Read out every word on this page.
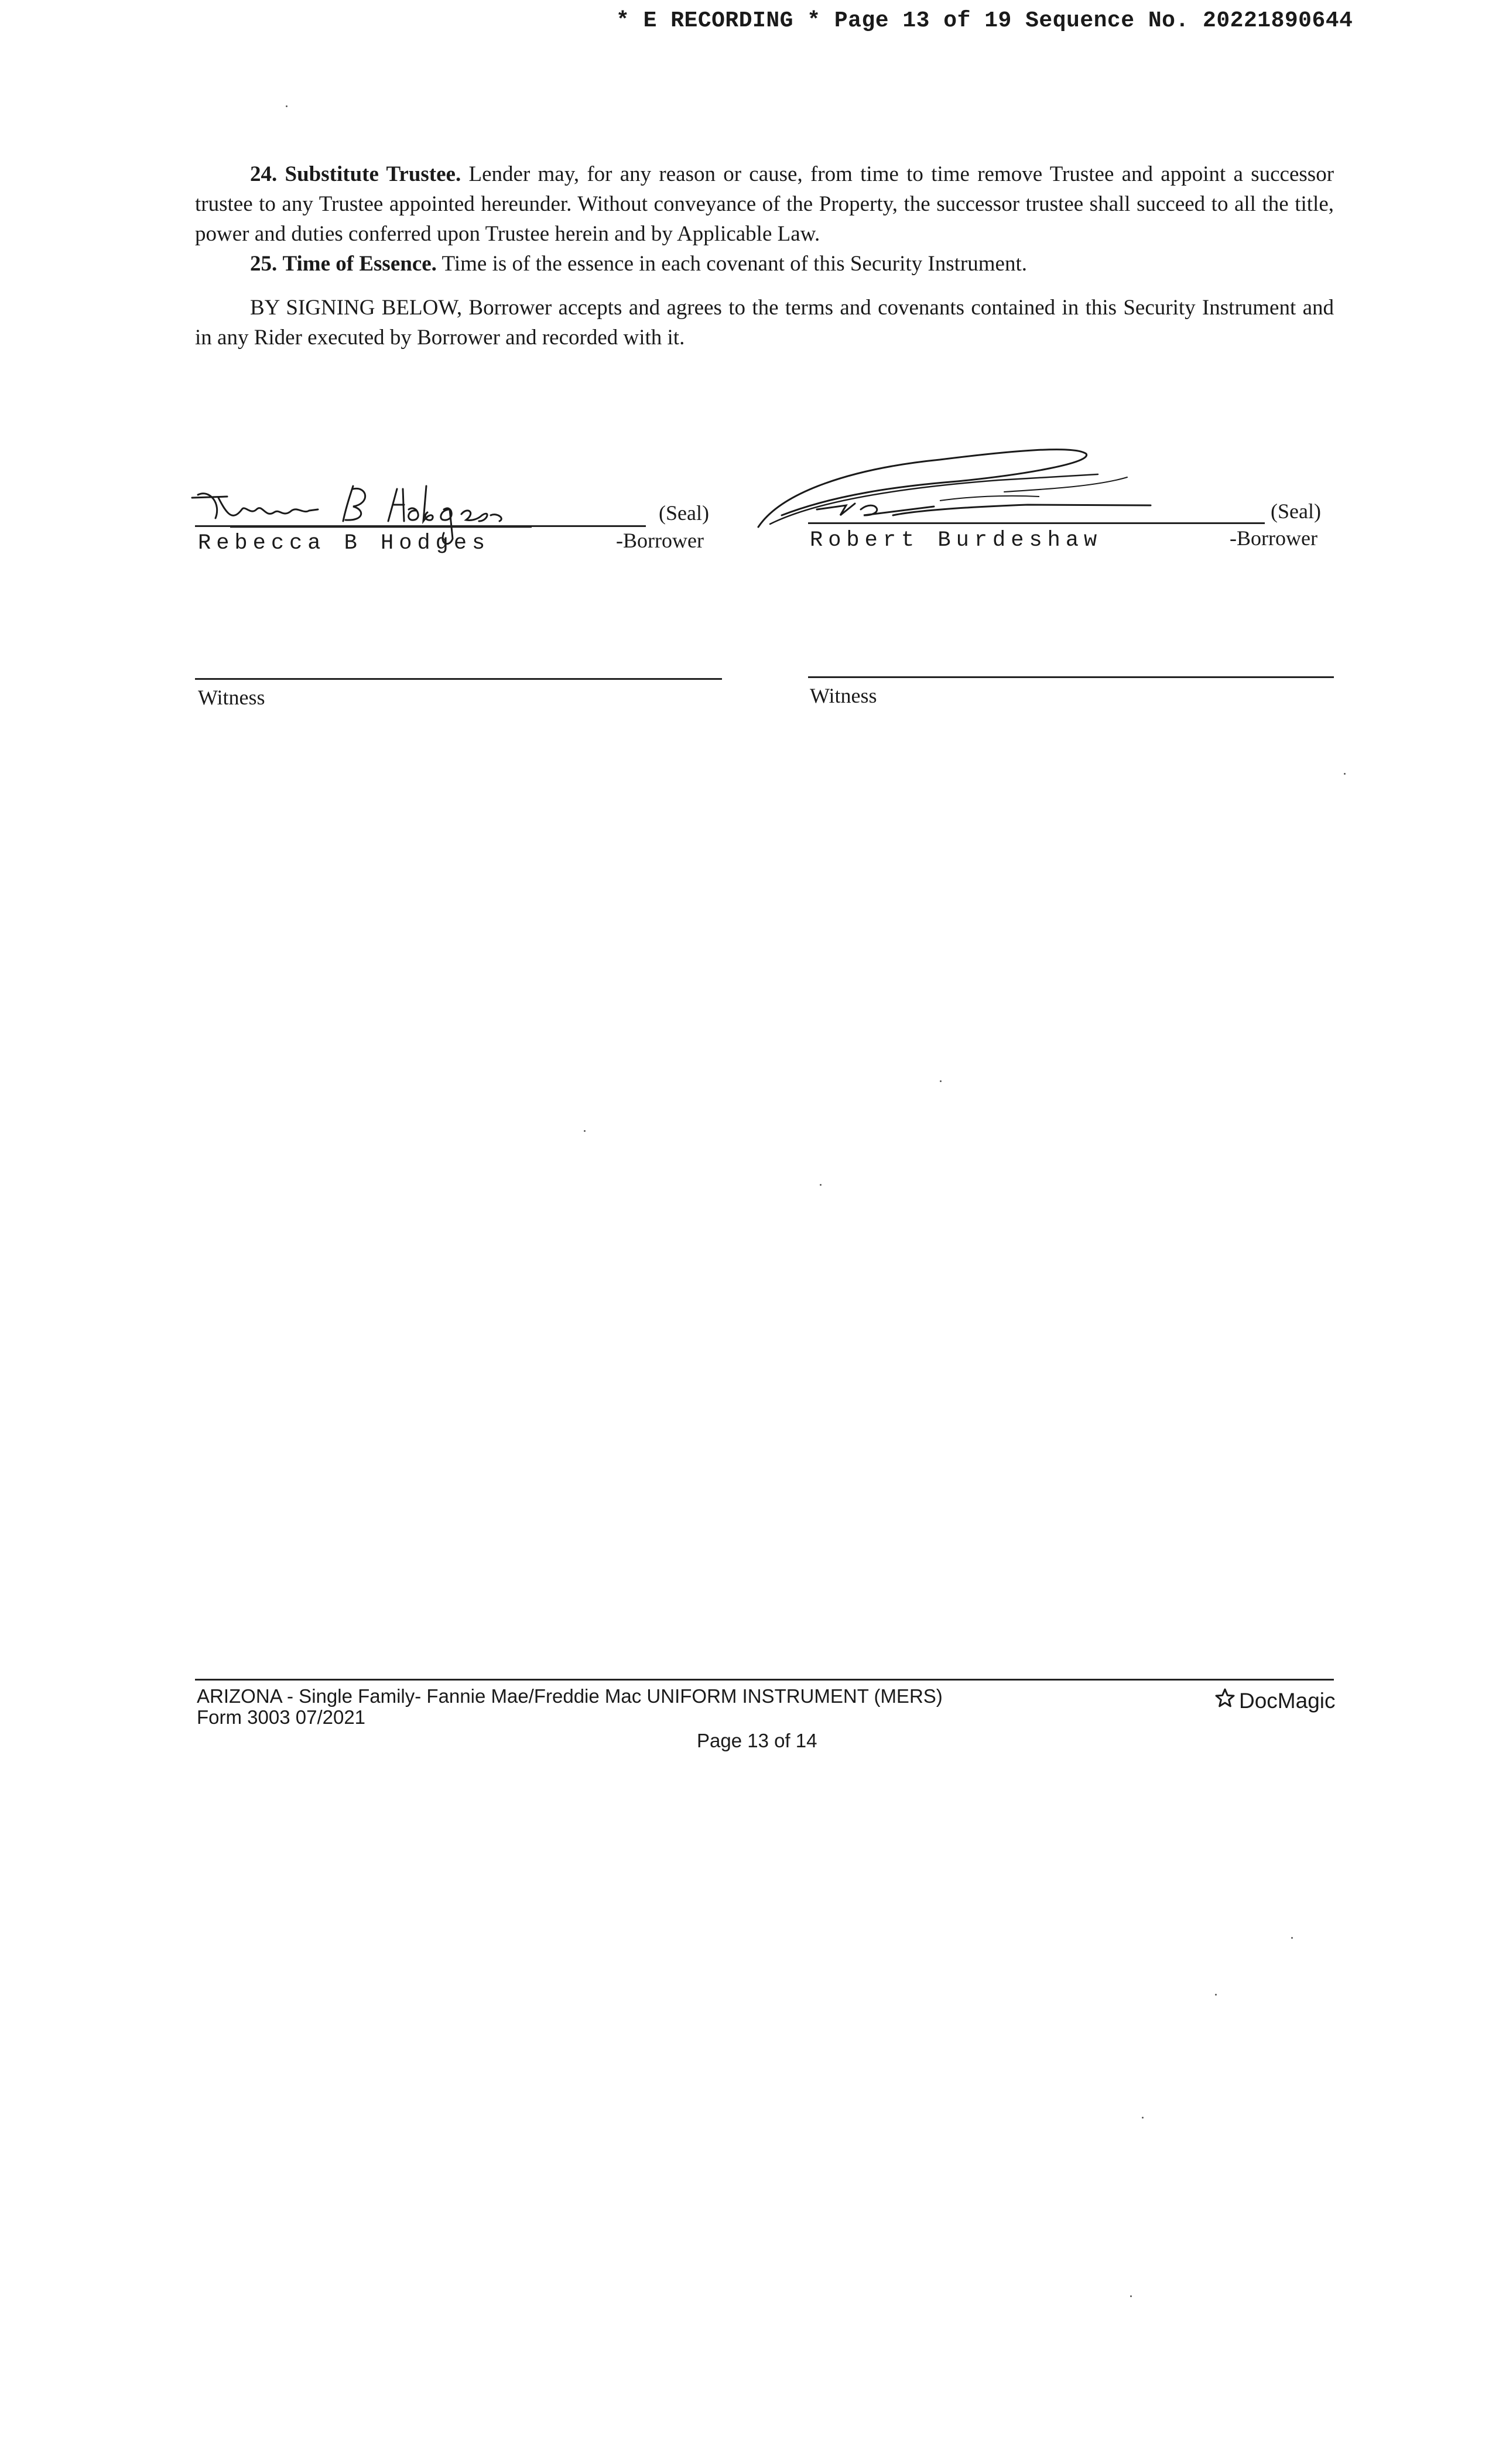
* E RECORDING * Page 13 of 19 Sequence No. 20221890644

24. Substitute Trustee. Lender may, for any reason or cause, from time to time remove Trustee and appoint a successor trustee to any Trustee appointed hereunder. Without conveyance of the Property, the successor trustee shall succeed to all the title, power and duties conferred upon Trustee herein and by Applicable Law.

25. Time of Essence. Time is of the essence in each covenant of this Security Instrument.

BY SIGNING BELOW, Borrower accepts and agrees to the terms and covenants contained in this Security Instrument and in any Rider executed by Borrower and recorded with it.

(Seal)
Rebecca B Hodges	-Borrower
(Seal)
Robert Burdeshaw	-Borrower
Witness	Witness
ARIZONA - Single Family- Fannie Mae/Freddie Mac UNIFORM INSTRUMENT (MERS)
Form 3003 07/2021
Page 13 of 14
DocMagic
